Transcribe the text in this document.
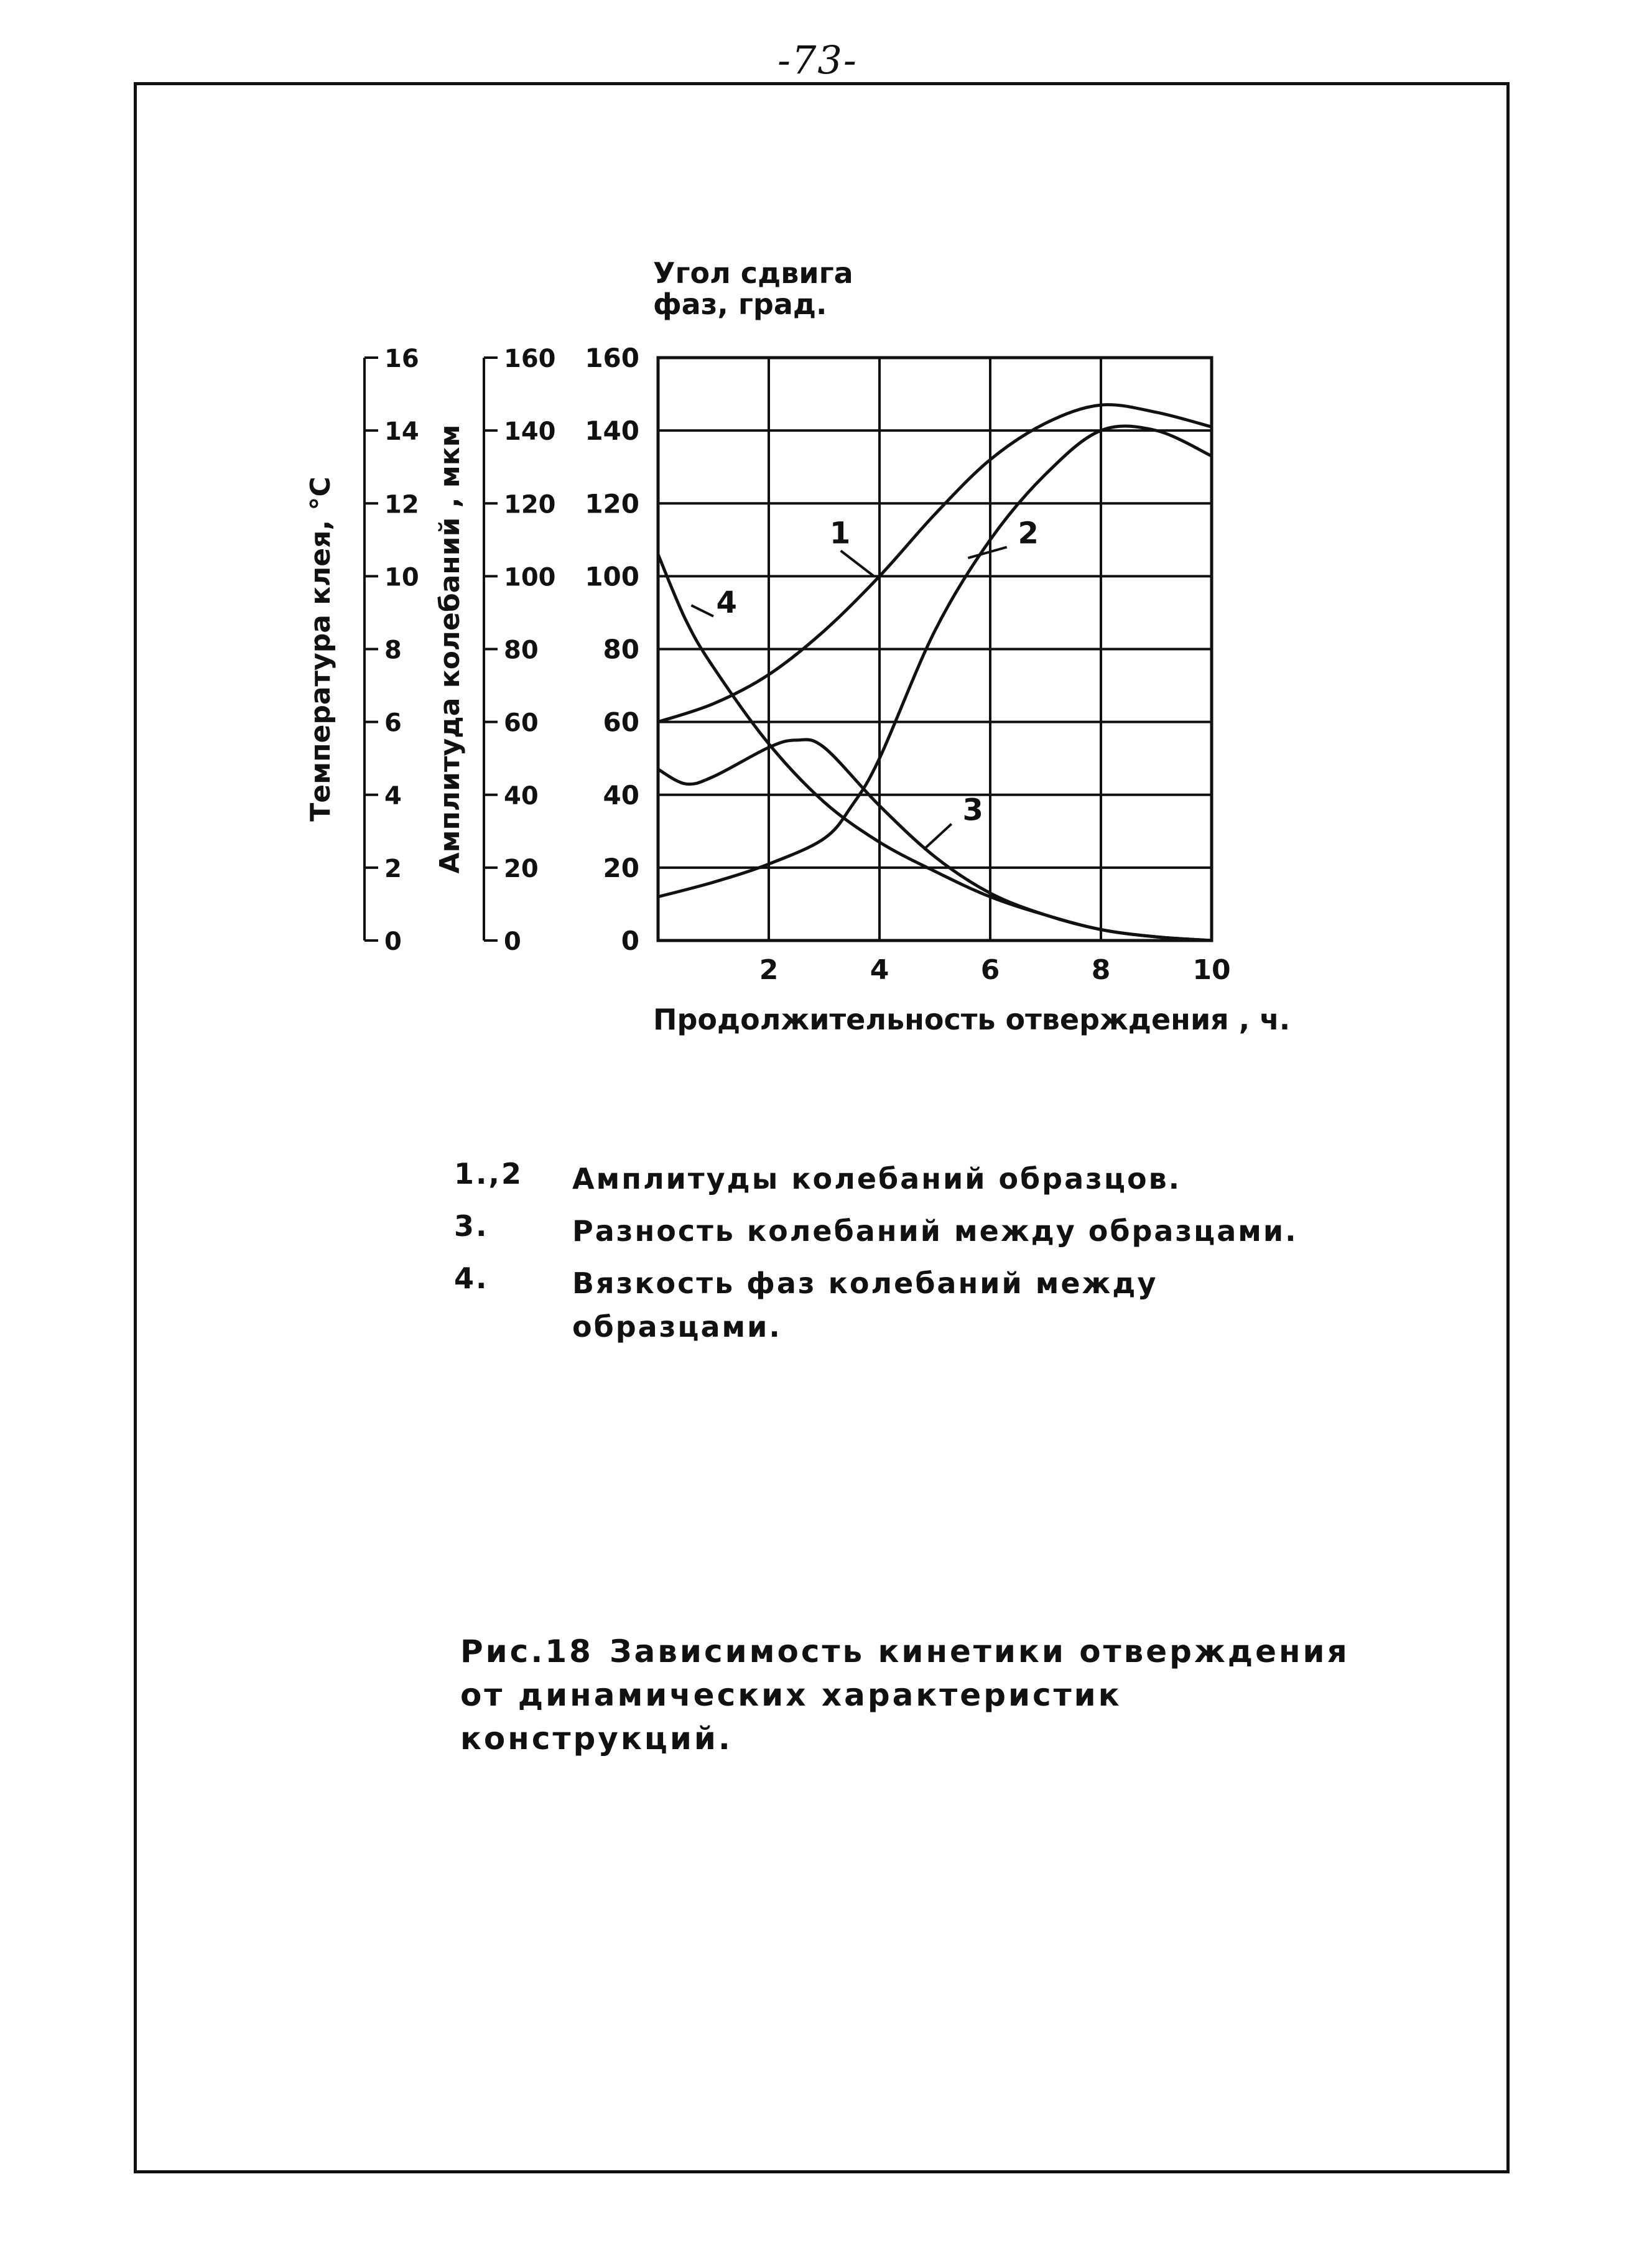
-73-
Угол сдвига
фаз, град.
2	4	6	8	10
0
20
40
60
80
100
120
140
160
0
20
40
60
80
100
120
140
160
Амплитуда колебаний , мкм
0
2
4
6
8
10
12
14
16
Температура клея, °С	1	2
3
4
Продолжительность отверждения , ч.
1.,2	Амплитуды колебаний образцов.
3.	Разность колебаний между образцами.
4.	Вязкость фаз колебаний между образцами.
Рис.18 Зависимость кинетики отверждения от динамических характеристик конструкций.
